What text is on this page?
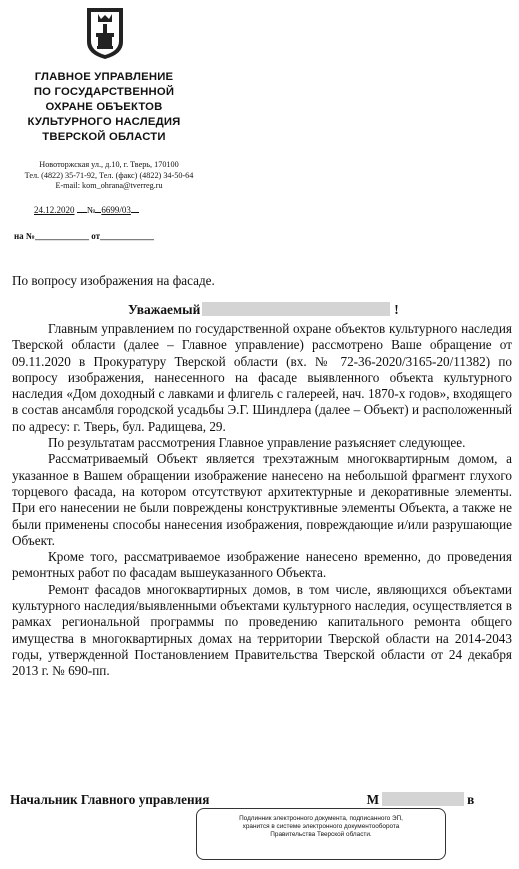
ГЛАВНОЕ УПРАВЛЕНИЕ
ПО ГОСУДАРСТВЕННОЙ
ОХРАНЕ ОБЪЕКТОВ
КУЛЬТУРНОГО НАСЛЕДИЯ
ТВЕРСКОЙ ОБЛАСТИ
Новоторжская ул., д.10, г. Тверь, 170100
Тел. (4822) 35-71-92, Тел. (факс) (4822) 34-50-64
E-mail: kom_ohrana@tverreg.ru
24.12.2020 № 6699/03
на №____________ от____________
По вопросу изображения на фасаде.
Уважаемый	!

Главным управлением по государственной охране объектов культурного наследия Тверской области (далее – Главное управление) рассмотрено Ваше обращение от 09.11.2020 в Прокуратуру Тверской области (вх. № 72-36-2020/3165-20/11382) по вопросу изображения, нанесенного на фасаде выявленного объекта культурного наследия «Дом доходный с лавками и флигель с галереей, нач. 1870-х годов», входящего в состав ансамбля городской усадьбы Э.Г. Шиндлера (далее – Объект) и расположенный по адресу: г. Тверь, бул. Радищева, 29.

По результатам рассмотрения Главное управление разъясняет следующее.

Рассматриваемый Объект является трехэтажным многоквартирным домом, а указанное в Вашем обращении изображение нанесено на небольшой фрагмент глухого торцевого фасада, на котором отсутствуют архитектурные и декоративные элементы. При его нанесении не были повреждены конструктивные элементы Объекта, а также не были применены способы нанесения изображения, повреждающие и/или разрушающие Объект.

Кроме того, рассматриваемое изображение нанесено временно, до проведения ремонтных работ по фасадам вышеуказанного Объекта.

Ремонт фасадов многоквартирных домов, в том числе, являющихся объектами культурного наследия/выявленными объектами культурного наследия, осуществляется в рамках региональной программы по проведению капитального ремонта общего имущества в многоквартирных домах на территории Тверской области на 2014-2043 годы, утвержденной Постановлением Правительства Тверской области от 24 декабря 2013 г. № 690-пп.

Начальник Главного управления	М	в
Подлинник электронного документа, подписанного ЭП,
хранится в системе электронного документооборота
Правительства Тверской области.
